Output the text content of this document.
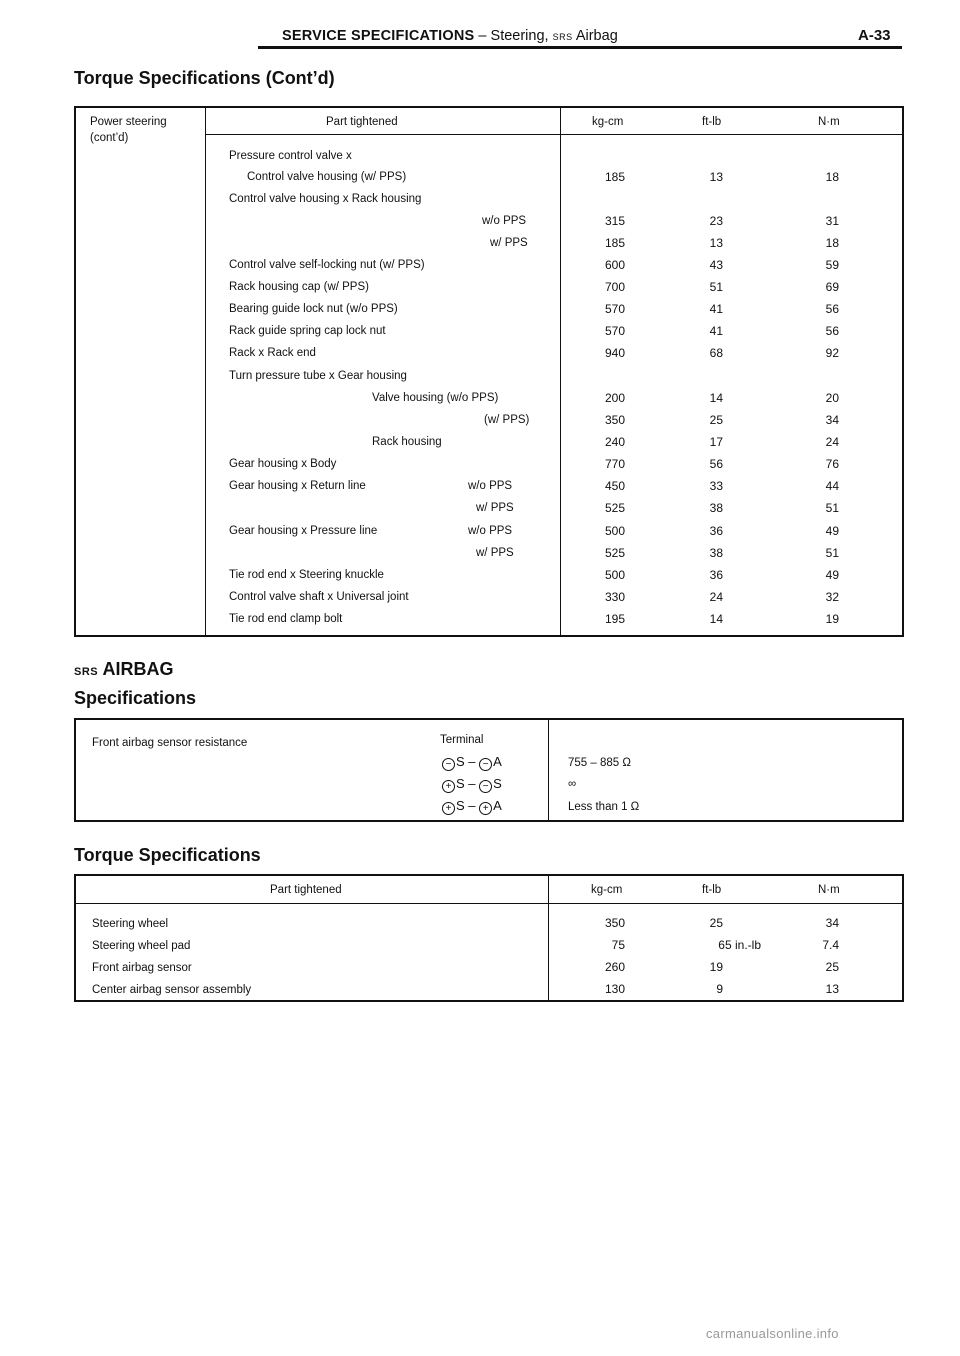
SERVICE SPECIFICATIONS – Steering, SRS Airbag	A-33
Torque Specifications (Cont’d)
Power steering
(cont’d)
Part tightened	kg-cm	ft-lb	N·m
Pressure control valve x
Control valve housing (w/ PPS)	185	13	18
Control valve housing x Rack housing
w/o PPS	315	23	31
w/ PPS	185	13	18
Control valve self-locking nut (w/ PPS)	600	43	59
Rack housing cap (w/ PPS)	700	51	69
Bearing guide lock nut (w/o PPS)	570	41	56
Rack guide spring cap lock nut	570	41	56
Rack x Rack end	940	68	92
Turn pressure tube x Gear housing
Valve housing (w/o PPS)	200	14	20
(w/ PPS)	350	25	34
Rack housing	240	17	24
Gear housing x Body	770	56	76
Gear housing x Return line	w/o PPS	450	33	44
w/ PPS	525	38	51
Gear housing x Pressure line	w/o PPS	500	36	49
w/ PPS	525	38	51
Tie rod end x Steering knuckle	500	36	49
Control valve shaft x Universal joint	330	24	32
Tie rod end clamp bolt	195	14	19
SRS AIRBAG
Specifications
Front airbag sensor resistance	Terminal
− S – − A	755 – 885 Ω
+ S – − S	∞
+ S – + A	Less than 1 Ω
Torque Specifications
Part tightened	kg-cm	ft-lb	N·m
Steering wheel	350	25	34
Steering wheel pad	75	65 in.-lb	7.4
Front airbag sensor	260	19	25
Center airbag sensor assembly	130	9	13
carmanualsonline.info
